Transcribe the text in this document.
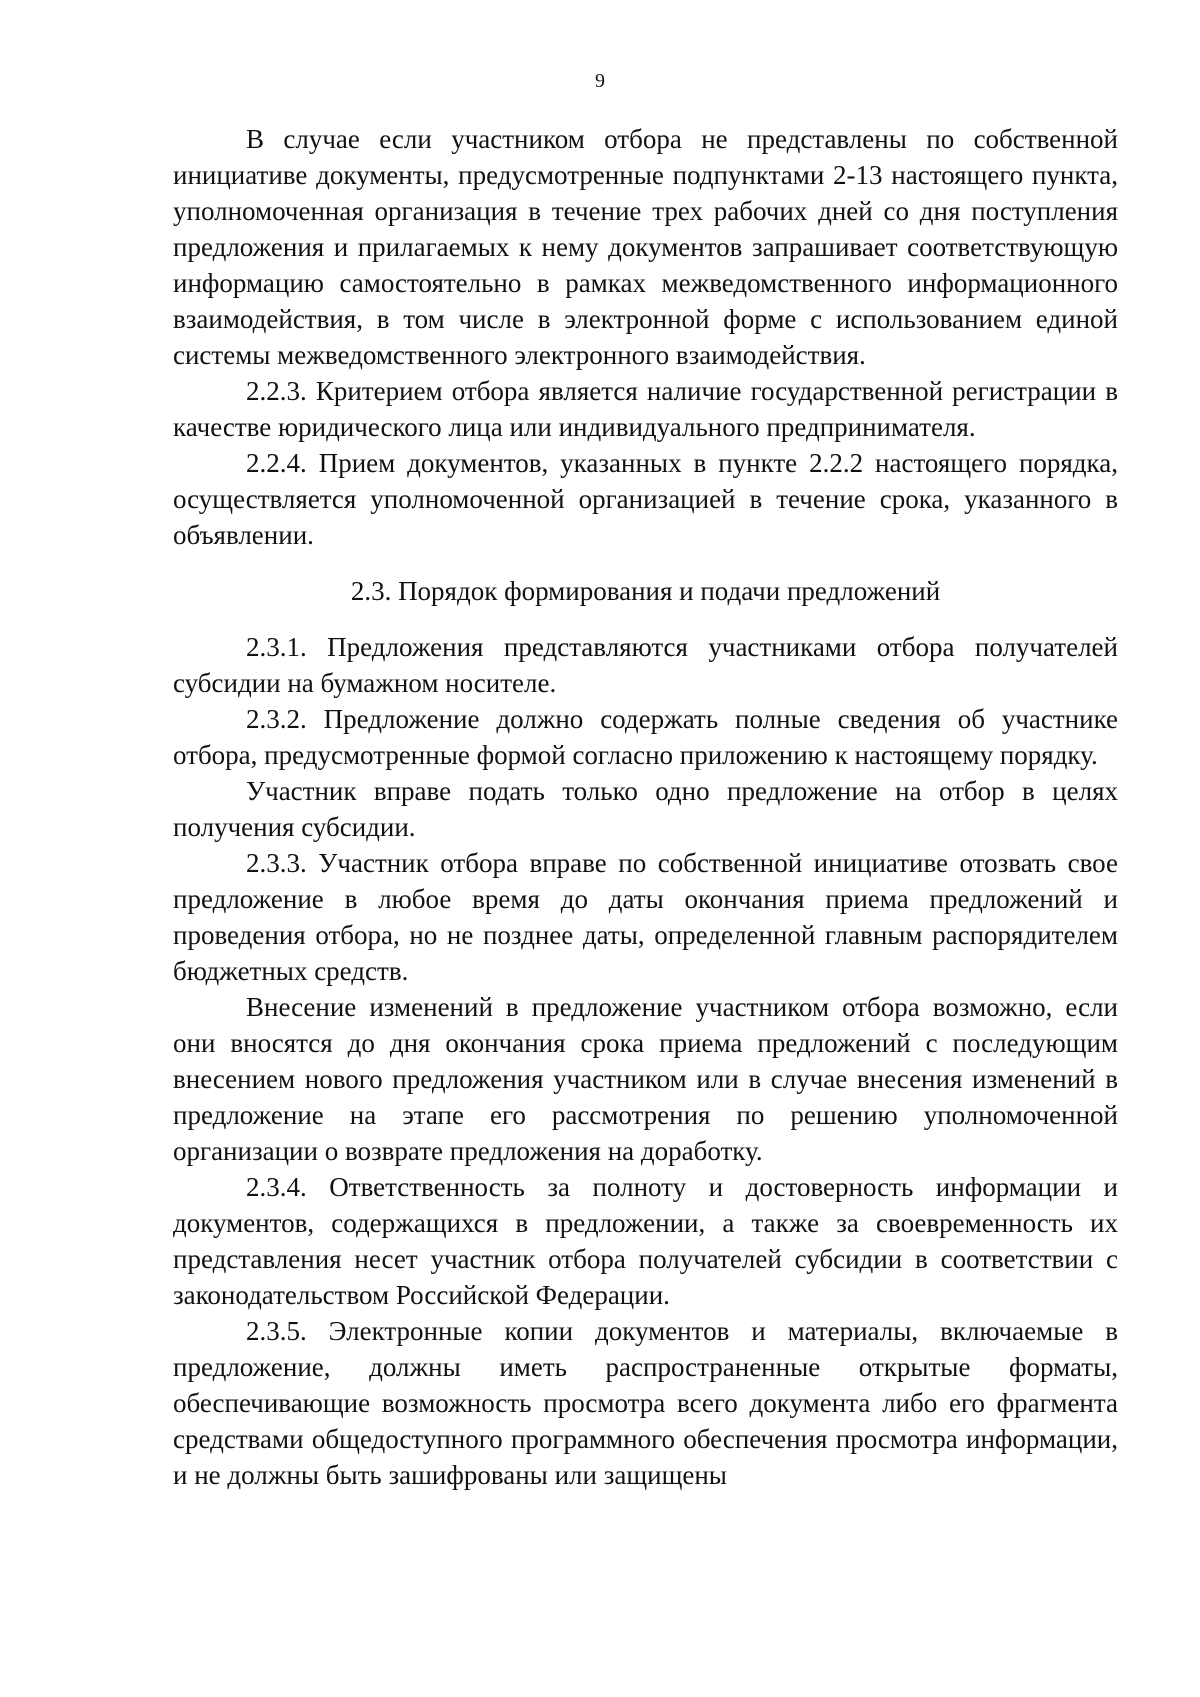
9

В случае если участником отбора не представлены по собственной инициативе документы, предусмотренные подпунктами 2-13 настоящего пункта, уполномоченная организация в течение трех рабочих дней со дня поступления предложения и прилагаемых к нему документов запрашивает соответствующую информацию самостоятельно в рамках межведомственного информационного взаимодействия, в том числе в электронной форме с использованием единой системы межведомственного электронного взаимодействия.

2.2.3. Критерием отбора является наличие государственной регистрации в качестве юридического лица или индивидуального предпринимателя.

2.2.4. Прием документов, указанных в пункте 2.2.2 настоящего порядка, осуществляется уполномоченной организацией в течение срока, указанного в объявлении.

2.3. Порядок формирования и подачи предложений

2.3.1. Предложения представляются участниками отбора получателей субсидии на бумажном носителе.

2.3.2. Предложение должно содержать полные сведения об участнике отбора, предусмотренные формой согласно приложению к настоящему порядку.

Участник вправе подать только одно предложение на отбор в целях получения субсидии.

2.3.3. Участник отбора вправе по собственной инициативе отозвать свое предложение в любое время до даты окончания приема предложений и проведения отбора, но не позднее даты, определенной главным распорядителем бюджетных средств.

Внесение изменений в предложение участником отбора возможно, если они вносятся до дня окончания срока приема предложений с последующим внесением нового предложения участником или в случае внесения изменений в предложение на этапе его рассмотрения по решению уполномоченной организации о возврате предложения на доработку.

2.3.4. Ответственность за полноту и достоверность информации и документов, содержащихся в предложении, а также за своевременность их представления несет участник отбора получателей субсидии в соответствии с законодательством Российской Федерации.

2.3.5. Электронные копии документов и материалы, включаемые в предложение, должны иметь распространенные открытые форматы, обеспечивающие возможность просмотра всего документа либо его фрагмента средствами общедоступного программного обеспечения просмотра информации, и не должны быть зашифрованы или защищены
